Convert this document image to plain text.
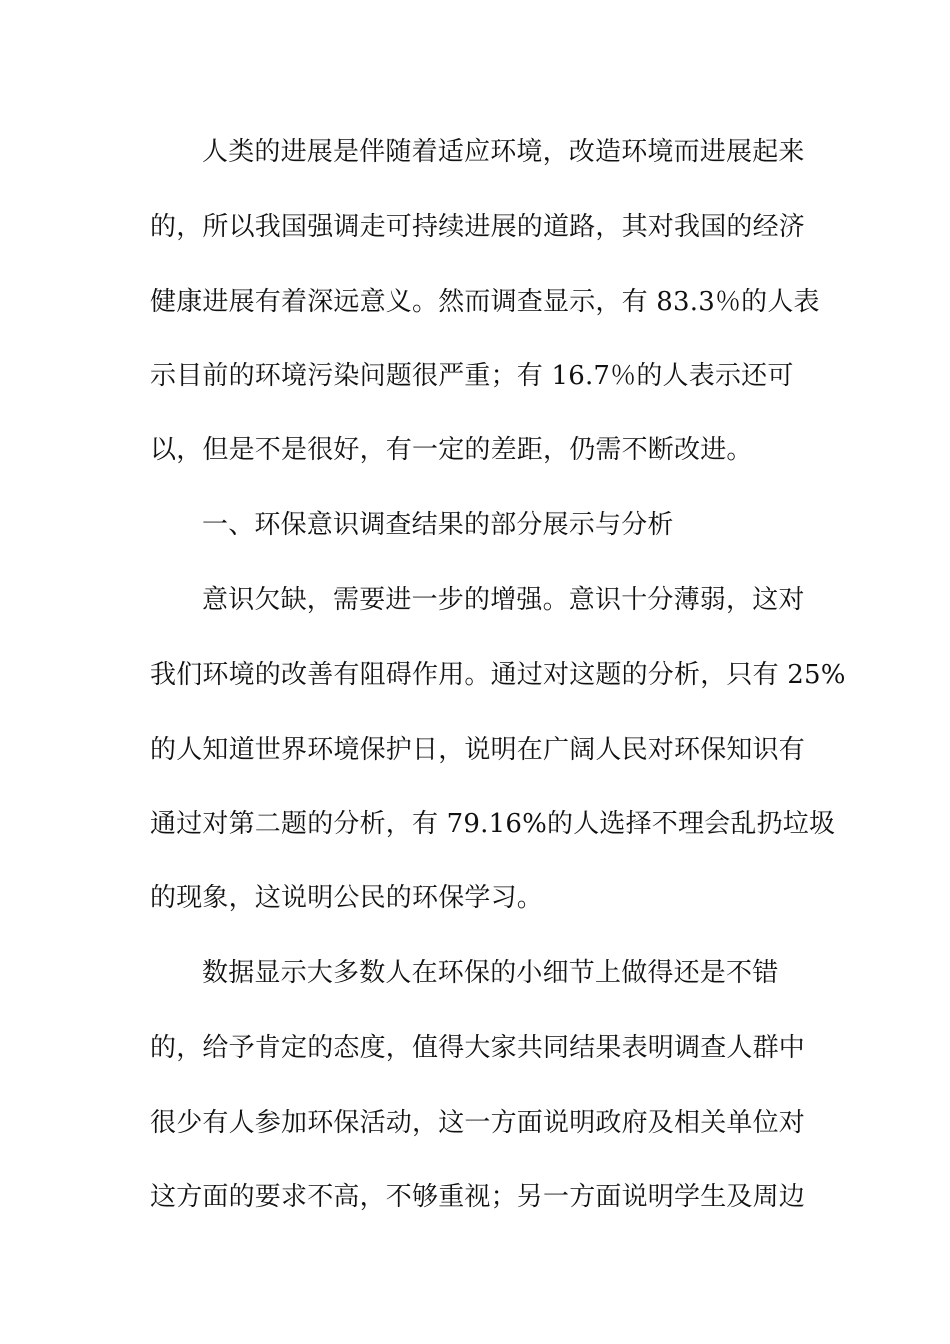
人类的进展是伴随着适应环境，改造环境而进展起来
的，所以我国强调走可持续进展的道路，其对我国的经济
健康进展有着深远意义。然而调查显示，有 83.3％的人表
示目前的环境污染问题很严重；有 16.7％的人表示还可
以，但是不是很好，有一定的差距，仍需不断改进。
一、环保意识调查结果的部分展示与分析
意识欠缺，需要进一步的增强。意识十分薄弱，这对
我们环境的改善有阻碍作用。通过对这题的分析，只有 25%
的人知道世界环境保护日，说明在广阔人民对环保知识有
通过对第二题的分析，有 79.16%的人选择不理会乱扔垃圾
的现象，这说明公民的环保学习。
数据显示大多数人在环保的小细节上做得还是不错
的，给予肯定的态度，值得大家共同结果表明调查人群中
很少有人参加环保活动，这一方面说明政府及相关单位对
这方面的要求不高，不够重视；另一方面说明学生及周边
